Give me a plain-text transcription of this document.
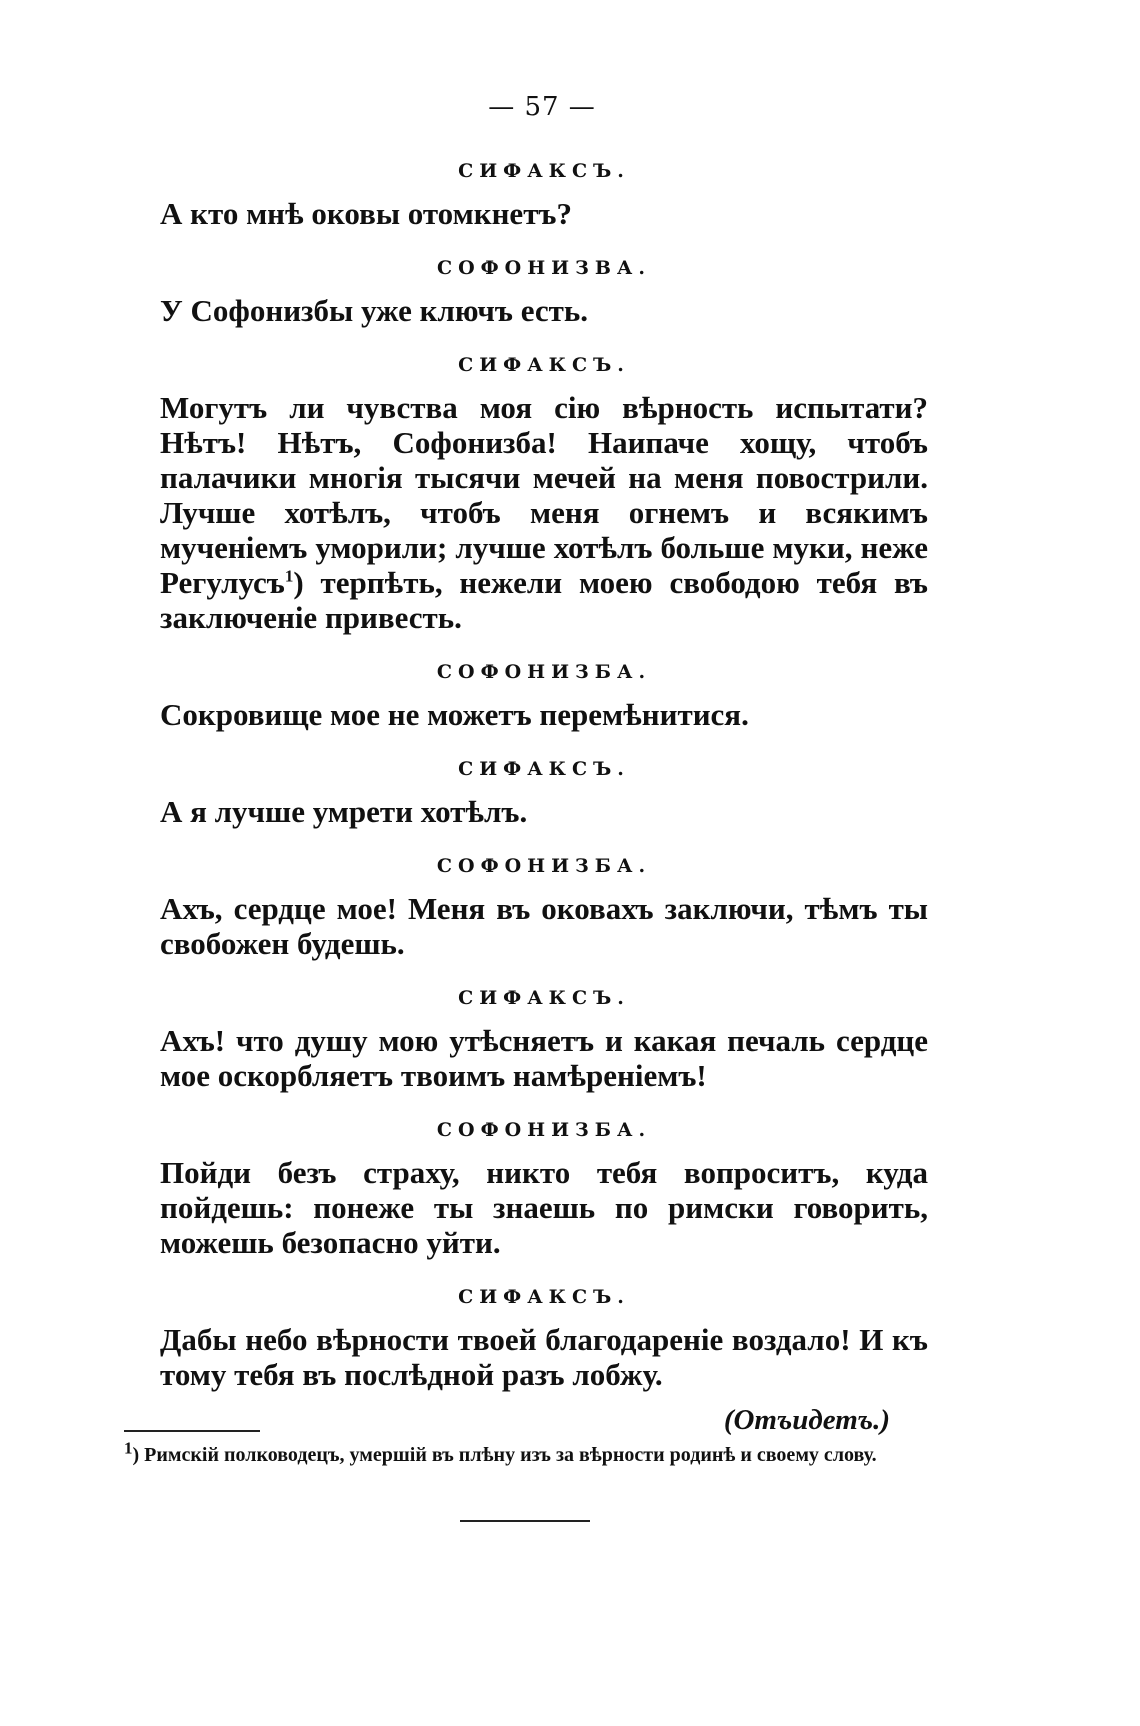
— 57 —
СИФАКСЪ.
А кто мнѣ оковы отомкнетъ?
СОФОНИЗВА.
У Софонизбы уже ключъ есть.
СИФАКСЪ.
Могутъ ли чувства моя сію вѣрность испытати? Нѣтъ! Нѣтъ, Софонизба! Наипаче хощу, чтобъ палачики многія тысячи мечей на меня повострили. Лучше хотѣлъ, чтобъ меня огнемъ и всякимъ мученіемъ уморили; лучше хотѣлъ больше муки, неже Регулусъ$^1$) терпѣть, нежели моею свободою тебя въ заключеніе привесть.
СОФОНИЗБА.
Сокровище мое не можетъ перемѣнитися.
СИФАКСЪ.
А я лучше умрети хотѣлъ.
СОФОНИЗБА.
Ахъ, сердце мое! Меня въ оковахъ заключи, тѣмъ ты свобожен будешь.
СИФАКСЪ.
Ахъ! что душу мою утѣсняетъ и какая печаль сердце мое оскорбляетъ твоимъ намѣреніемъ!
СОФОНИЗБА.
Пойди безъ страху, никто тебя вопроситъ, куда пойдешь: понеже ты знаешь по римски говорить, можешь безопасно уйти.
СИФАКСЪ.
Дабы небо вѣрности твоей благодареніе воздало! И къ тому тебя въ послѣдной разъ лобжу.
(Отъидетъ.)
$^1$) Римскій полководецъ, умершій въ плѣну изъ за вѣрности родинѣ и своему слову.
